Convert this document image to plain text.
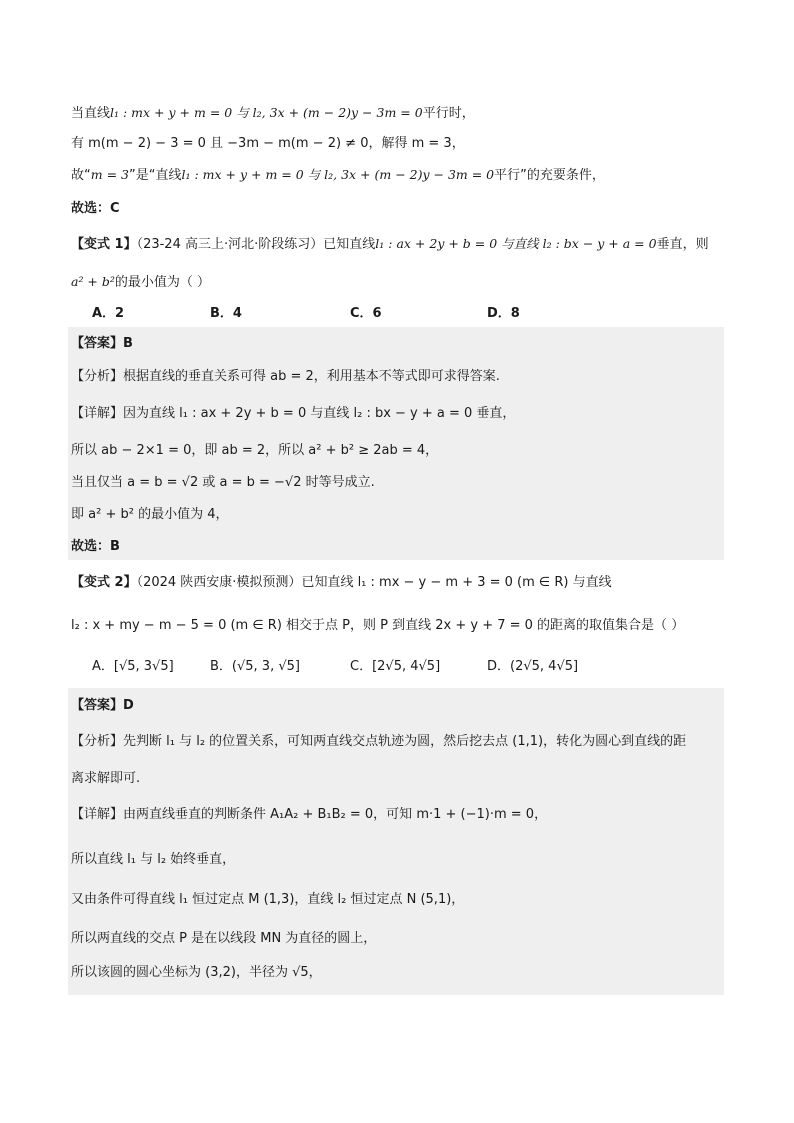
当直线l₁ : mx + y + m = 0 与 l₂, 3x + (m − 2)y − 3m = 0平行时，
有 m(m − 2) − 3 = 0 且 −3m − m(m − 2) ≠ 0，解得 m = 3，
故“m = 3”是“直线l₁ : mx + y + m = 0 与 l₂, 3x + (m − 2)y − 3m = 0平行”的充要条件，
故选：C
【变式 1】（23-24 高三上·河北·阶段练习）已知直线l₁ : ax + 2y + b = 0 与直线 l₂ : bx − y + a = 0垂直，则
a² + b²的最小值为（ ）
A．2	B．4	C．6	D．8
【答案】B
【分析】根据直线的垂直关系可得 ab = 2，利用基本不等式即可求得答案.
【详解】因为直线 l₁ : ax + 2y + b = 0 与直线 l₂ : bx − y + a = 0 垂直，
所以 ab − 2×1 = 0，即 ab = 2，所以 a² + b² ≥ 2ab = 4，
当且仅当 a = b = √2 或 a = b = −√2 时等号成立.
即 a² + b² 的最小值为 4，
故选：B
【变式 2】（2024 陕西安康·模拟预测）已知直线 l₁ : mx − y − m + 3 = 0 (m ∈ R) 与直线
l₂ : x + my − m − 5 = 0 (m ∈ R) 相交于点 P，则 P 到直线 2x + y + 7 = 0 的距离的取值集合是（ ）
A．[√5, 3√5]	B．(√5, 3, √5]	C．[2√5, 4√5]	D．(2√5, 4√5]
【答案】D
【分析】先判断 l₁ 与 l₂ 的位置关系，可知两直线交点轨迹为圆，然后挖去点 (1,1)，转化为圆心到直线的距
离求解即可.
【详解】由两直线垂直的判断条件 A₁A₂ + B₁B₂ = 0，可知 m·1 + (−1)·m = 0，
所以直线 l₁ 与 l₂ 始终垂直，
又由条件可得直线 l₁ 恒过定点 M (1,3)，直线 l₂ 恒过定点 N (5,1)，
所以两直线的交点 P 是在以线段 MN 为直径的圆上，
所以该圆的圆心坐标为 (3,2)，半径为 √5，
